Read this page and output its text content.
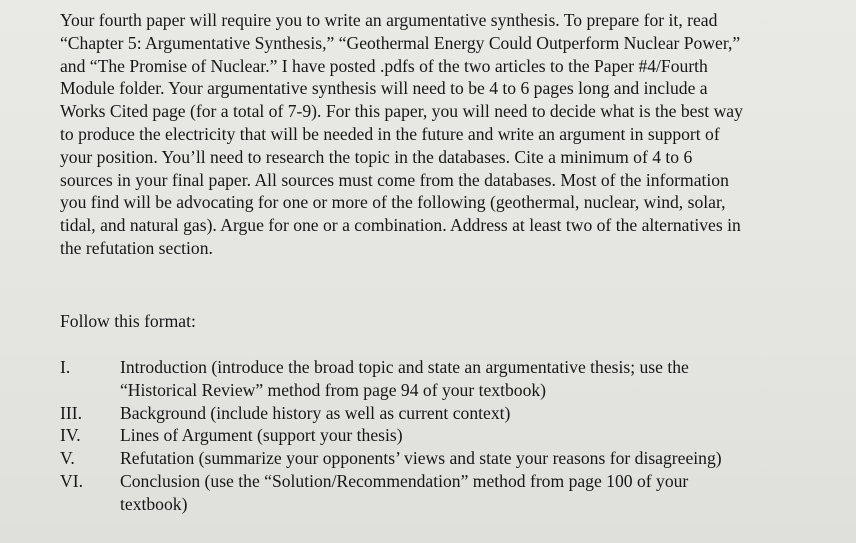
Your fourth paper will require you to write an argumentative synthesis. To prepare for it, read
“Chapter 5: Argumentative Synthesis,” “Geothermal Energy Could Outperform Nuclear Power,”
and “The Promise of Nuclear.” I have posted .pdfs of the two articles to the Paper #4/Fourth
Module folder. Your argumentative synthesis will need to be 4 to 6 pages long and include a
Works Cited page (for a total of 7-9). For this paper, you will need to decide what is the best way
to produce the electricity that will be needed in the future and write an argument in support of
your position. You’ll need to research the topic in the databases. Cite a minimum of 4 to 6
sources in your final paper. All sources must come from the databases. Most of the information
you find will be advocating for one or more of the following (geothermal, nuclear, wind, solar,
tidal, and natural gas). Argue for one or a combination. Address at least two of the alternatives in
the refutation section.

Follow this format:

I.	Introduction (introduce the broad topic and state an argumentative thesis; use the
“Historical Review” method from page 94 of your textbook)
III. Background (include history as well as current context)
IV. Lines of Argument (support your thesis)
V.	Refutation (summarize your opponents’ views and state your reasons for disagreeing)
VI. Conclusion (use the “Solution/Recommendation” method from page 100 of your
textbook)
